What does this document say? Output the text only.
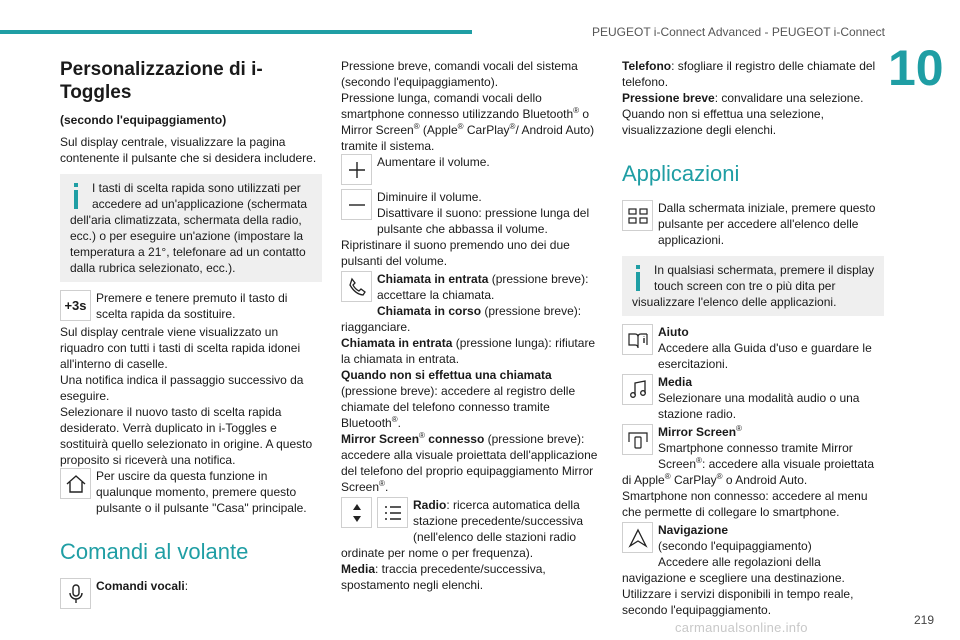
PEUGEOT i-Connect Advanced - PEUGEOT i-Connect
10

Personalizzazione di i-Toggles

(secondo l'equipaggiamento)

Sul display centrale, visualizzare la pagina contenente il pulsante che si desidera includere.

I tasti di scelta rapida sono utilizzati per accedere ad un'applicazione (schermata dell'aria climatizzata, schermata della radio, ecc.) o per eseguire un'azione (impostare la temperatura a 21°, telefonare ad un contatto dalla rubrica selezionato, ecc.).
+3s Premere e tenere premuto il tasto di scelta rapida da sostituire.

Sul display centrale viene visualizzato un riquadro con tutti i tasti di scelta rapida idonei all'interno di caselle.

Una notifica indica il passaggio successivo da eseguire.

Selezionare il nuovo tasto di scelta rapida desiderato. Verrà duplicato in i-Toggles e sostituirà quello selezionato in origine. A questo proposito si riceverà una notifica.

Per uscire da questa funzione in qualunque momento, premere questo pulsante o il pulsante "Casa" principale.

Comandi al volante

Comandi vocali:

Pressione breve, comandi vocali del sistema (secondo l'equipaggiamento).

Pressione lunga, comandi vocali dello smartphone connesso utilizzando Bluetooth® o Mirror Screen® (Apple® CarPlay®/ Android Auto) tramite il sistema.

Aumentare il volume.
Diminuire il volume.
Disattivare il suono: pressione lunga del pulsante che abbassa il volume.
Ripristinare il suono premendo uno dei due pulsanti del volume.
Chiamata in entrata (pressione breve): accettare la chiamata.
Chiamata in corso (pressione breve): riagganciare.
Chiamata in entrata (pressione lunga): rifiutare la chiamata in entrata.
Quando non si effettua una chiamata (pressione breve): accedere al registro delle chiamate del telefono connesso tramite Bluetooth®.
Mirror Screen® connesso (pressione breve): accedere alla visuale proiettata dell'applicazione del telefono del proprio equipaggiamento Mirror Screen®.
Radio: ricerca automatica della stazione precedente/successiva (nell'elenco delle stazioni radio ordinate per nome o per frequenza).
Media: traccia precedente/successiva, spostamento negli elenchi.

Telefono: sfogliare il registro delle chiamate del telefono.

Pressione breve: convalidare una selezione.

Quando non si effettua una selezione, visualizzazione degli elenchi.

Applicazioni

Dalla schermata iniziale, premere questo pulsante per accedere all'elenco delle applicazioni.
In qualsiasi schermata, premere il display touch screen con tre o più dita per visualizzare l'elenco delle applicazioni.
Aiuto
Accedere alla Guida d'uso e guardare le esercitazioni.
Media
Selezionare una modalità audio o una stazione radio.
Mirror Screen®
Smartphone connesso tramite Mirror Screen®: accedere alla visuale proiettata di Apple® CarPlay® o Android Auto.
Smartphone non connesso: accedere al menu che permette di collegare lo smartphone.
Navigazione
(secondo l'equipaggiamento)
Accedere alle regolazioni della navigazione e scegliere una destinazione.
Utilizzare i servizi disponibili in tempo reale, secondo l'equipaggiamento.
219
carmanualsonline.info
